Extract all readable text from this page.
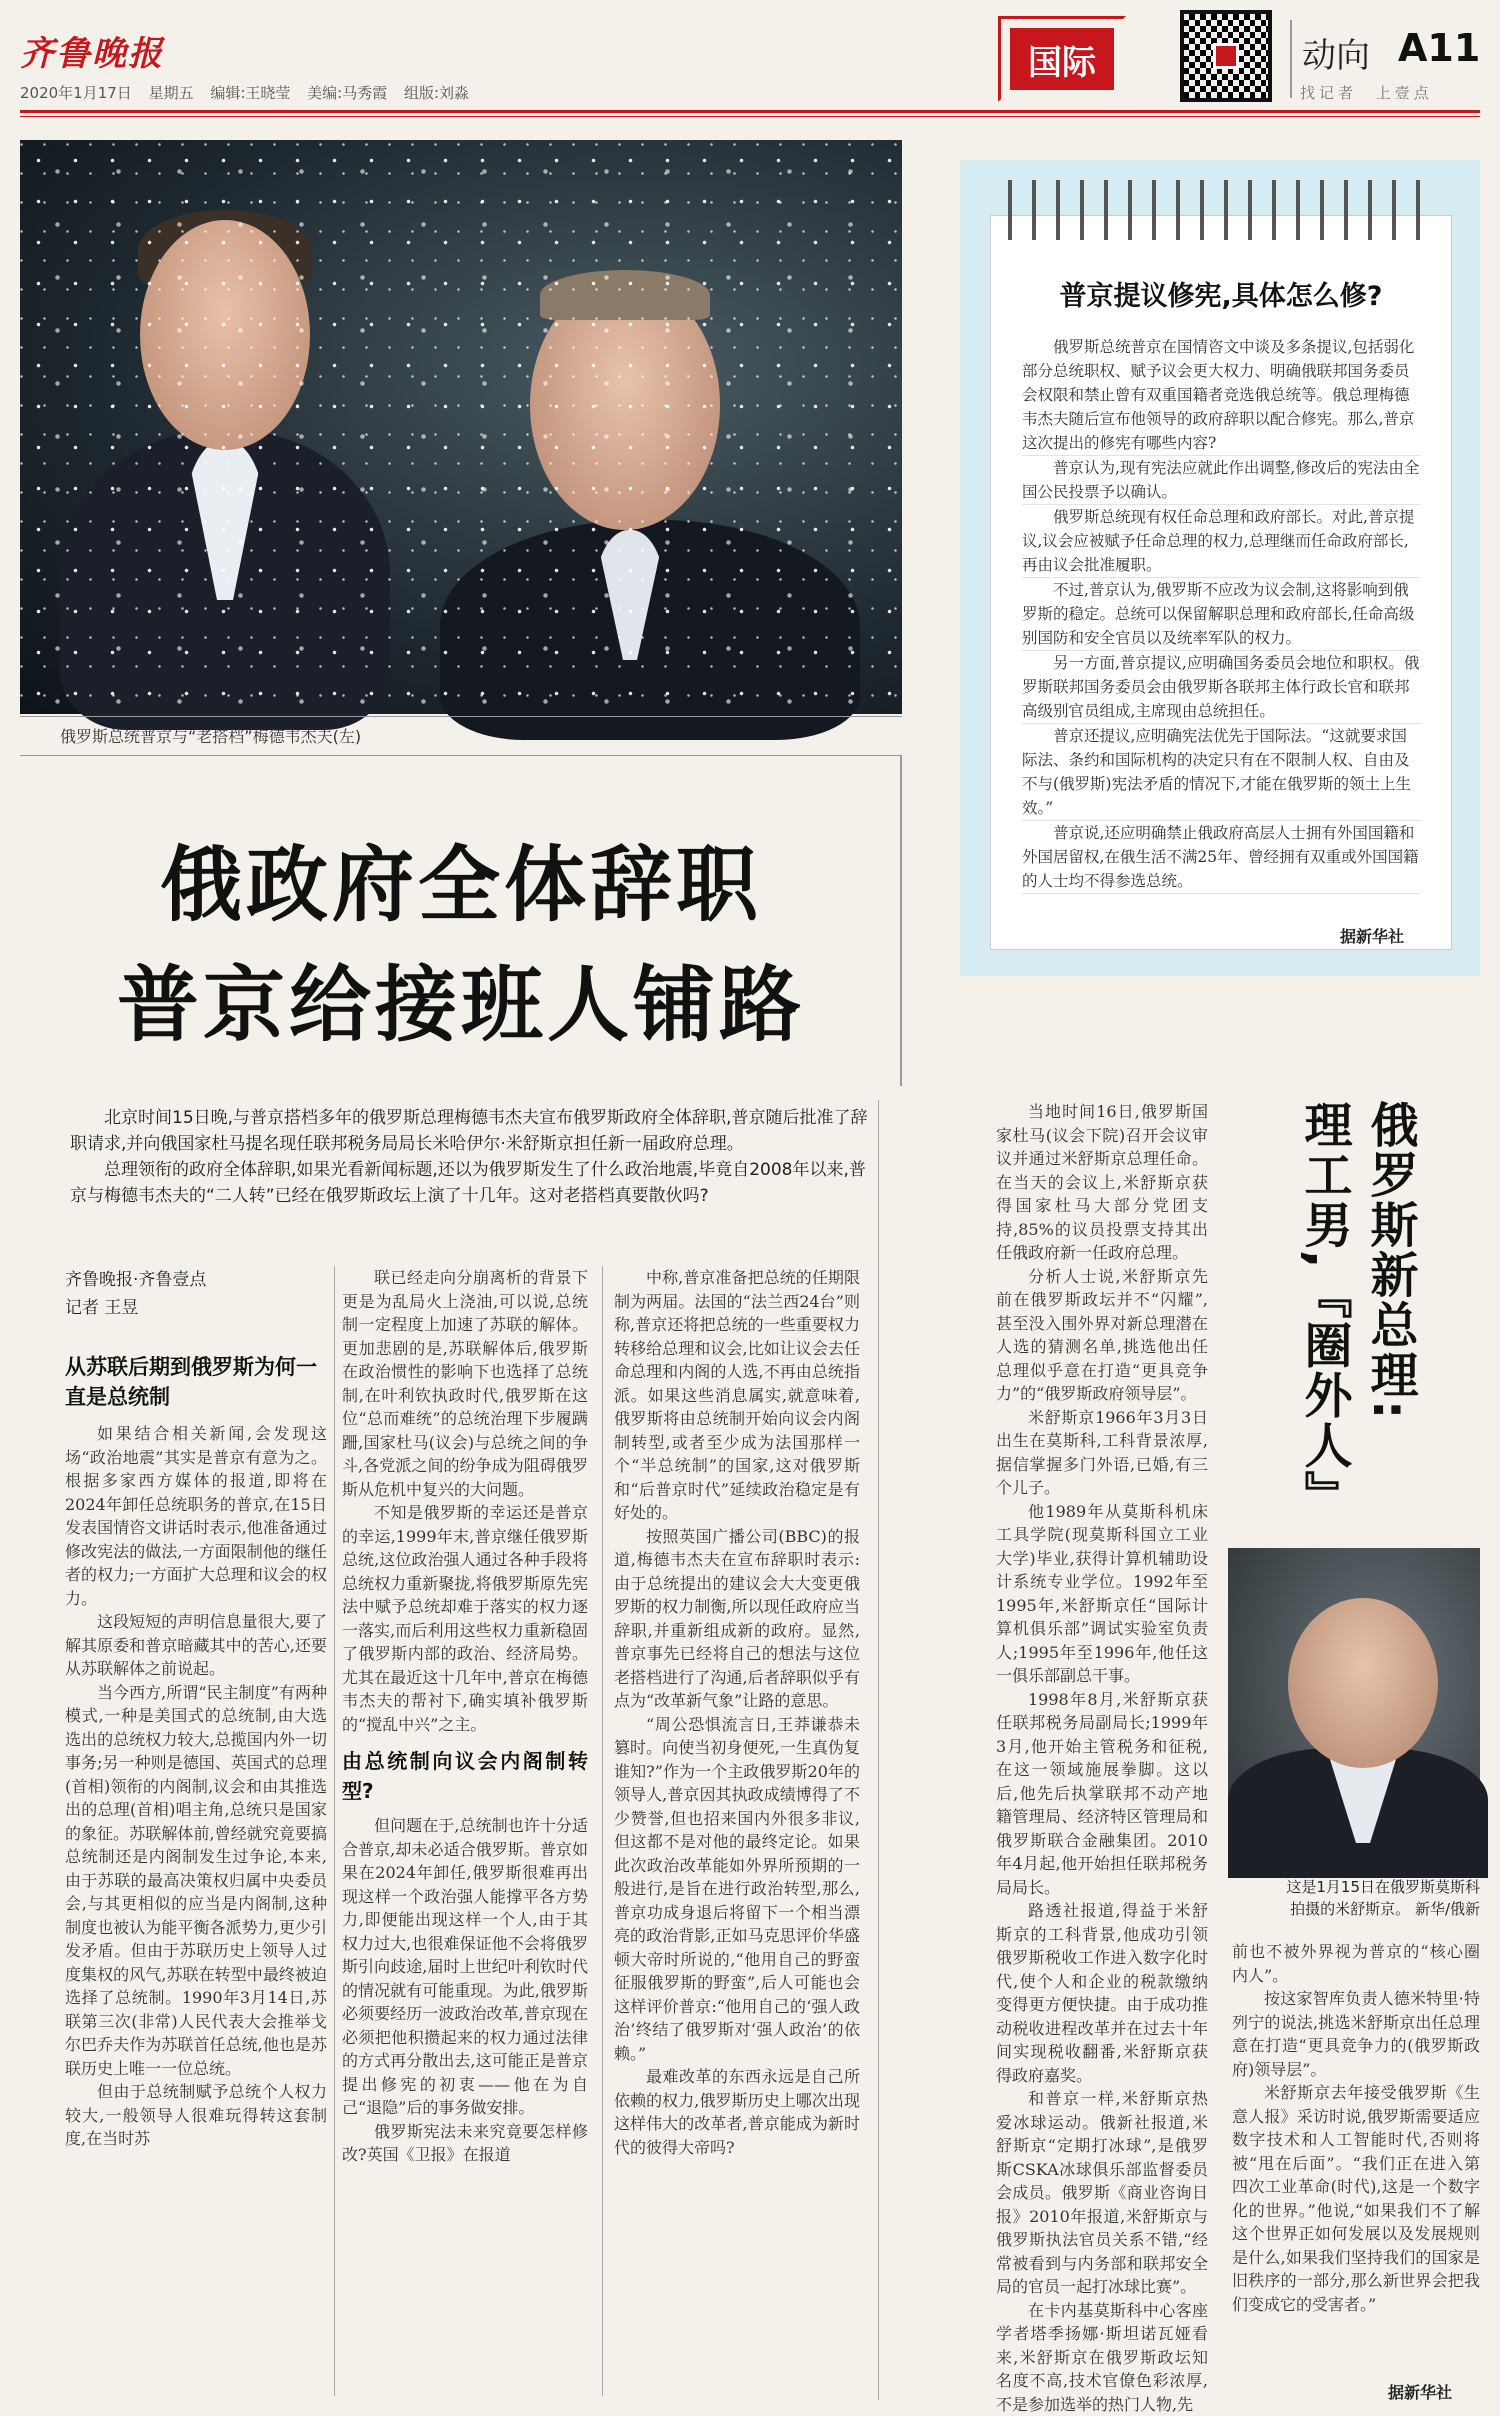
齐鲁晚报
2020年1月17日 星期五 编辑:王晓莹 美编:马秀霞 组版:刘淼
国际	动向 A11
找记者 上壹点
俄罗斯总统普京与“老搭档”梅德韦杰夫(左)
俄政府全体辞职
普京给接班人铺路

北京时间15日晚,与普京搭档多年的俄罗斯总理梅德韦杰夫宣布俄罗斯政府全体辞职,普京随后批准了辞职请求,并向俄国家杜马提名现任联邦税务局局长米哈伊尔·米舒斯京担任新一届政府总理。

总理领衔的政府全体辞职,如果光看新闻标题,还以为俄罗斯发生了什么政治地震,毕竟自2008年以来,普京与梅德韦杰夫的“二人转”已经在俄罗斯政坛上演了十几年。这对老搭档真要散伙吗?

普京提议修宪,具体怎么修?

俄罗斯总统普京在国情咨文中谈及多条提议,包括弱化部分总统职权、赋予议会更大权力、明确俄联邦国务委员会权限和禁止曾有双重国籍者竞选俄总统等。俄总理梅德韦杰夫随后宣布他领导的政府辞职以配合修宪。那么,普京这次提出的修宪有哪些内容?

普京认为,现有宪法应就此作出调整,修改后的宪法由全国公民投票予以确认。

俄罗斯总统现有权任命总理和政府部长。对此,普京提议,议会应被赋予任命总理的权力,总理继而任命政府部长,再由议会批准履职。

不过,普京认为,俄罗斯不应改为议会制,这将影响到俄罗斯的稳定。总统可以保留解职总理和政府部长,任命高级别国防和安全官员以及统率军队的权力。

另一方面,普京提议,应明确国务委员会地位和职权。俄罗斯联邦国务委员会由俄罗斯各联邦主体行政长官和联邦高级别官员组成,主席现由总统担任。

普京还提议,应明确宪法优先于国际法。“这就要求国际法、条约和国际机构的决定只有在不限制人权、自由及不与(俄罗斯)宪法矛盾的情况下,才能在俄罗斯的领土上生效。”

普京说,还应明确禁止俄政府高层人士拥有外国国籍和外国居留权,在俄生活不满25年、曾经拥有双重或外国国籍的人士均不得参选总统。

据新华社
齐鲁晚报·齐鲁壹点
记者 王昱
从苏联后期到俄罗斯为何一直是总统制

如果结合相关新闻,会发现这场“政治地震”其实是普京有意为之。根据多家西方媒体的报道,即将在2024年卸任总统职务的普京,在15日发表国情咨文讲话时表示,他准备通过修改宪法的做法,一方面限制他的继任者的权力;一方面扩大总理和议会的权力。

这段短短的声明信息量很大,要了解其原委和普京暗藏其中的苦心,还要从苏联解体之前说起。

当今西方,所谓“民主制度”有两种模式,一种是美国式的总统制,由大选选出的总统权力较大,总揽国内外一切事务;另一种则是德国、英国式的总理(首相)领衔的内阁制,议会和由其推选出的总理(首相)唱主角,总统只是国家的象征。苏联解体前,曾经就究竟要搞总统制还是内阁制发生过争论,本来,由于苏联的最高决策权归属中央委员会,与其更相似的应当是内阁制,这种制度也被认为能平衡各派势力,更少引发矛盾。但由于苏联历史上领导人过度集权的风气,苏联在转型中最终被迫选择了总统制。1990年3月14日,苏联第三次(非常)人民代表大会推举戈尔巴乔夫作为苏联首任总统,他也是苏联历史上唯一一位总统。

但由于总统制赋予总统个人权力较大,一般领导人很难玩得转这套制度,在当时苏

联已经走向分崩离析的背景下更是为乱局火上浇油,可以说,总统制一定程度上加速了苏联的解体。更加悲剧的是,苏联解体后,俄罗斯在政治惯性的影响下也选择了总统制,在叶利钦执政时代,俄罗斯在这位“总而难统”的总统治理下步履蹒跚,国家杜马(议会)与总统之间的争斗,各党派之间的纷争成为阻碍俄罗斯从危机中复兴的大问题。

不知是俄罗斯的幸运还是普京的幸运,1999年末,普京继任俄罗斯总统,这位政治强人通过各种手段将总统权力重新聚拢,将俄罗斯原先宪法中赋予总统却难于落实的权力逐一落实,而后利用这些权力重新稳固了俄罗斯内部的政治、经济局势。尤其在最近这十几年中,普京在梅德韦杰夫的帮衬下,确实填补俄罗斯的“搅乱中兴”之主。

由总统制向议会内阁制转型?

但问题在于,总统制也许十分适合普京,却未必适合俄罗斯。普京如果在2024年卸任,俄罗斯很难再出现这样一个政治强人能撑平各方势力,即便能出现这样一个人,由于其权力过大,也很难保证他不会将俄罗斯引向歧途,届时上世纪叶利钦时代的情况就有可能重现。为此,俄罗斯必须要经历一波政治改革,普京现在必须把他积攒起来的权力通过法律的方式再分散出去,这可能正是普京提出修宪的初衷——他在为自己“退隐”后的事务做安排。

俄罗斯宪法未来究竟要怎样修改?英国《卫报》在报道

中称,普京准备把总统的任期限制为两届。法国的“法兰西24台”则称,普京还将把总统的一些重要权力转移给总理和议会,比如让议会去任命总理和内阁的人选,不再由总统指派。如果这些消息属实,就意味着,俄罗斯将由总统制开始向议会内阁制转型,或者至少成为法国那样一个“半总统制”的国家,这对俄罗斯和“后普京时代”延续政治稳定是有好处的。

按照英国广播公司(BBC)的报道,梅德韦杰夫在宣布辞职时表示:由于总统提出的建议会大大变更俄罗斯的权力制衡,所以现任政府应当辞职,并重新组成新的政府。显然,普京事先已经将自己的想法与这位老搭档进行了沟通,后者辞职似乎有点为“改革新气象”让路的意思。

“周公恐惧流言日,王莽谦恭未篡时。向使当初身便死,一生真伪复谁知?”作为一个主政俄罗斯20年的领导人,普京因其执政成绩博得了不少赞誉,但也招来国内外很多非议,但这都不是对他的最终定论。如果此次政治改革能如外界所预期的一般进行,是旨在进行政治转型,那么,普京功成身退后将留下一个相当漂亮的政治背影,正如马克思评价华盛顿大帝时所说的,“他用自己的野蛮征服俄罗斯的野蛮”,后人可能也会这样评价普京:“他用自己的‘强人政治’终结了俄罗斯对‘强人政治’的依赖。”

最难改革的东西永远是自己所依赖的权力,俄罗斯历史上哪次出现这样伟大的改革者,普京能成为新时代的彼得大帝吗?

俄罗斯新总理:
理工男,『圈外人』

当地时间16日,俄罗斯国家杜马(议会下院)召开会议审议并通过米舒斯京总理任命。在当天的会议上,米舒斯京获得国家杜马大部分党团支持,85%的议员投票支持其出任俄政府新一任政府总理。

分析人士说,米舒斯京先前在俄罗斯政坛并不“闪耀”,甚至没入围外界对新总理潜在人选的猜测名单,挑选他出任总理似乎意在打造“更具竞争力”的“俄罗斯政府领导层”。

米舒斯京1966年3月3日出生在莫斯科,工科背景浓厚,据信掌握多门外语,已婚,有三个儿子。

他1989年从莫斯科机床工具学院(现莫斯科国立工业大学)毕业,获得计算机辅助设计系统专业学位。1992年至1995年,米舒斯京任“国际计算机俱乐部”调试实验室负责人;1995年至1996年,他任这一俱乐部副总干事。

1998年8月,米舒斯京获任联邦税务局副局长;1999年3月,他开始主管税务和征税,在这一领域施展拳脚。这以后,他先后执掌联邦不动产地籍管理局、经济特区管理局和俄罗斯联合金融集团。2010年4月起,他开始担任联邦税务局局长。

路透社报道,得益于米舒斯京的工科背景,他成功引领俄罗斯税收工作进入数字化时代,使个人和企业的税款缴纳变得更方便快捷。由于成功推动税收进程改革并在过去十年间实现税收翻番,米舒斯京获得政府嘉奖。

和普京一样,米舒斯京热爱冰球运动。俄新社报道,米舒斯京“定期打冰球”,是俄罗斯CSKA冰球俱乐部监督委员会成员。俄罗斯《商业咨询日报》2010年报道,米舒斯京与俄罗斯执法官员关系不错,“经常被看到与内务部和联邦安全局的官员一起打冰球比赛”。

在卡内基莫斯科中心客座学者塔季扬娜·斯坦诺瓦娅看来,米舒斯京在俄罗斯政坛知名度不高,技术官僚色彩浓厚,不是参加选举的热门人物,先

这是1月15日在俄罗斯莫斯科
拍摄的米舒斯京。 新华/俄新

前也不被外界视为普京的“核心圈内人”。

按这家智库负责人德米特里·特列宁的说法,挑选米舒斯京出任总理意在打造“更具竞争力的(俄罗斯政府)领导层”。

米舒斯京去年接受俄罗斯《生意人报》采访时说,俄罗斯需要适应数字技术和人工智能时代,否则将被“甩在后面”。“我们正在进入第四次工业革命(时代),这是一个数字化的世界。”他说,“如果我们不了解这个世界正如何发展以及发展规则是什么,如果我们坚持我们的国家是旧秩序的一部分,那么新世界会把我们变成它的受害者。”

据新华社
